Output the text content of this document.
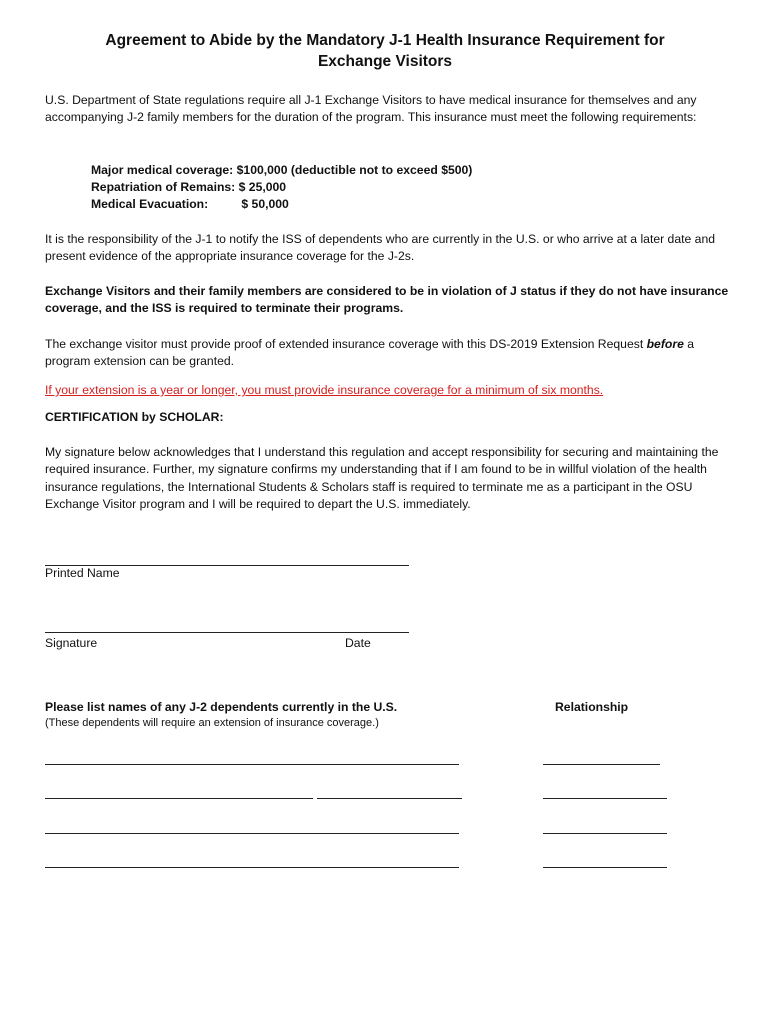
Agreement to Abide by the Mandatory J-1 Health Insurance Requirement for
Exchange Visitors
U.S. Department of State regulations require all J-1 Exchange Visitors to have medical insurance for themselves and any accompanying J-2 family members for the duration of the program. This insurance must meet the following requirements:
Major medical coverage: $100,000 (deductible not to exceed $500)
Repatriation of Remains: $ 25,000
Medical Evacuation:	$ 50,000
It is the responsibility of the J-1 to notify the ISS of dependents who are currently in the U.S. or who arrive at a later date and present evidence of the appropriate insurance coverage for the J-2s.
Exchange Visitors and their family members are considered to be in violation of J status if they do not have insurance coverage, and the ISS is required to terminate their programs.
The exchange visitor must provide proof of extended insurance coverage with this DS-2019 Extension Request before a program extension can be granted.
If your extension is a year or longer, you must provide insurance coverage for a minimum of six months.
CERTIFICATION by SCHOLAR:
My signature below acknowledges that I understand this regulation and accept responsibility for securing and maintaining the required insurance. Further, my signature confirms my understanding that if I am found to be in willful violation of the health insurance regulations, the International Students & Scholars staff is required to terminate me as a participant in the OSU Exchange Visitor program and I will be required to depart the U.S. immediately.
Printed Name
Signature	Date
Please list names of any J-2 dependents currently in the U.S.
(These dependents will require an extension of insurance coverage.)
Relationship
